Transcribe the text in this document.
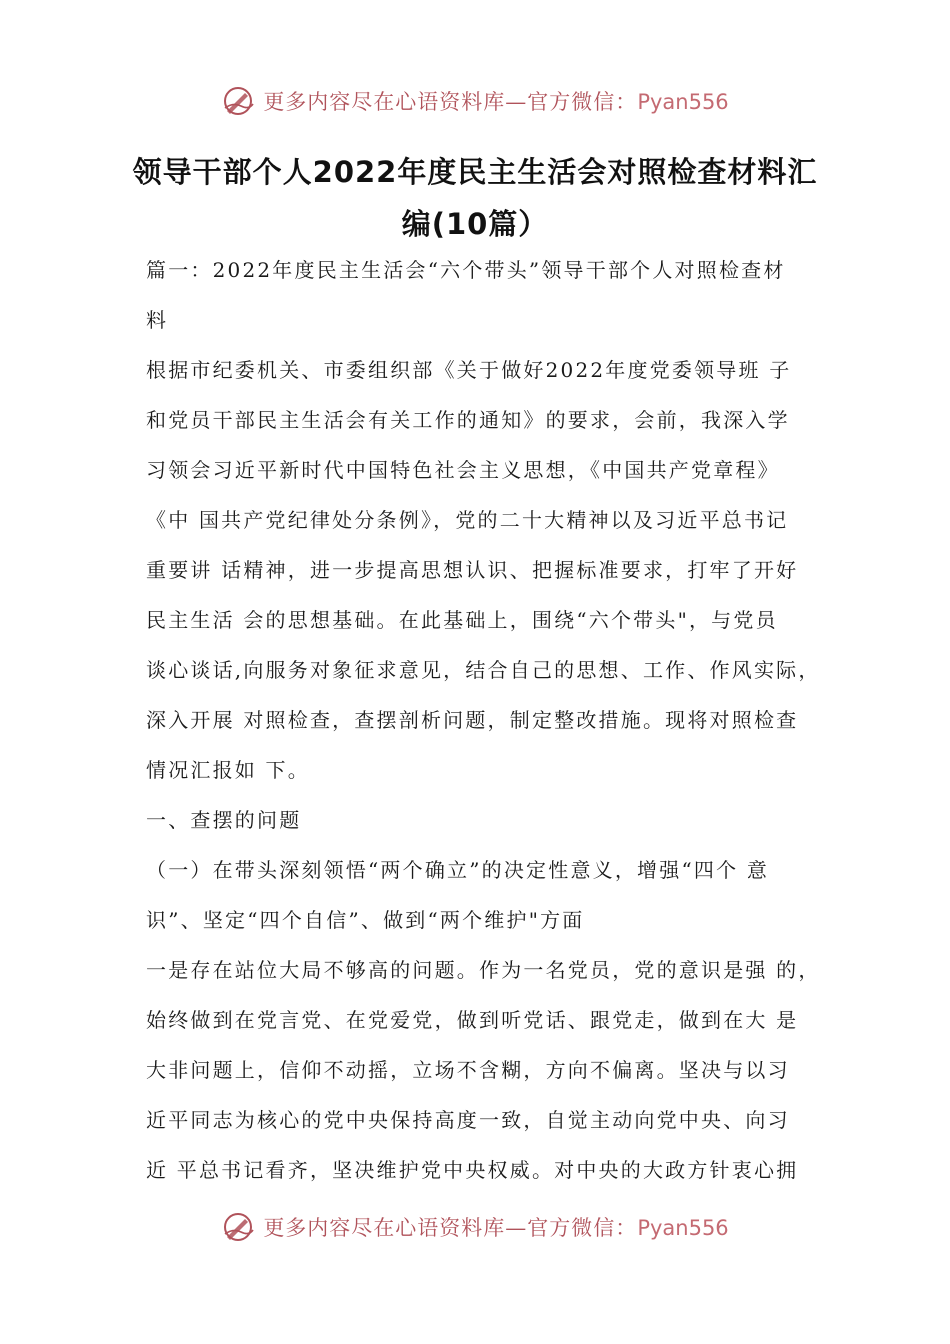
更多内容尽在心语资料库—官方微信：Pyan556
领导干部个人2022年度民主生活会对照检查材料汇
编(10篇）
篇一：2022年度民主生活会“六个带头”领导干部个人对照检查材
料
根据市纪委机关、市委组织部《关于做好2022年度党委领导班 子
和党员干部民主生活会有关工作的通知》的要求，会前，我深入学
习领会习近平新时代中国特色社会主义思想，《中国共产党章程》
《中 国共产党纪律处分条例》，党的二十大精神以及习近平总书记
重要讲 话精神，进一步提高思想认识、把握标准要求，打牢了开好
民主生活 会的思想基础。在此基础上，围绕“六个带头"，与党员
谈心谈话,向服务对象征求意见，结合自己的思想、工作、作风实际，
深入开展 对照检查，查摆剖析问题，制定整改措施。现将对照检查
情况汇报如 下。
一、查摆的问题
（一）在带头深刻领悟“两个确立”的决定性意义，增强“四个 意
识”、坚定“四个自信”、做到“两个维护"方面
一是存在站位大局不够高的问题。作为一名党员，党的意识是强 的，
始终做到在党言党、在党爱党，做到听党话、跟党走，做到在大 是
大非问题上，信仰不动摇，立场不含糊，方向不偏离。坚决与以习
近平同志为核心的党中央保持高度一致，自觉主动向党中央、向习
近 平总书记看齐，坚决维护党中央权威。对中央的大政方针衷心拥
更多内容尽在心语资料库—官方微信：Pyan556
